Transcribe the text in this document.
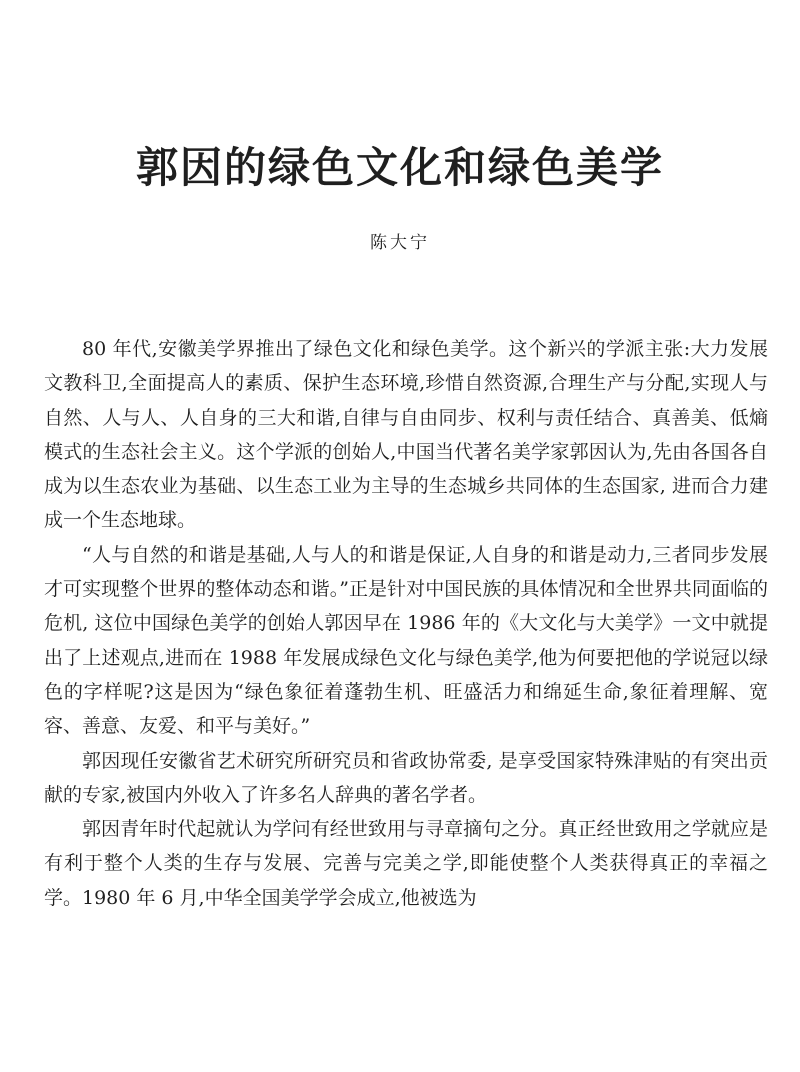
郭因的绿色文化和绿色美学
陈大宁

80 年代,安徽美学界推出了绿色文化和绿色美学。这个新兴的学派主张:大力发展文教科卫,全面提高人的素质、保护生态环境,珍惜自然资源,合理生产与分配,实现人与自然、人与人、人自身的三大和谐,自律与自由同步、权利与责任结合、真善美、低熵模式的生态社会主义。这个学派的创始人,中国当代著名美学家郭因认为,先由各国各自成为以生态农业为基础、以生态工业为主导的生态城乡共同体的生态国家, 进而合力建成一个生态地球。

“人与自然的和谐是基础,人与人的和谐是保证,人自身的和谐是动力,三者同步发展才可实现整个世界的整体动态和谐。”正是针对中国民族的具体情况和全世界共同面临的危机, 这位中国绿色美学的创始人郭因早在 1986 年的《大文化与大美学》一文中就提出了上述观点,进而在 1988 年发展成绿色文化与绿色美学,他为何要把他的学说冠以绿色的字样呢?这是因为“绿色象征着蓬勃生机、旺盛活力和绵延生命,象征着理解、宽容、善意、友爱、和平与美好。”

郭因现任安徽省艺术研究所研究员和省政协常委, 是享受国家特殊津贴的有突出贡献的专家,被国内外收入了许多名人辞典的著名学者。

郭因青年时代起就认为学问有经世致用与寻章摘句之分。真正经世致用之学就应是有利于整个人类的生存与发展、完善与完美之学,即能使整个人类获得真正的幸福之学。1980 年 6 月,中华全国美学学会成立,他被选为
